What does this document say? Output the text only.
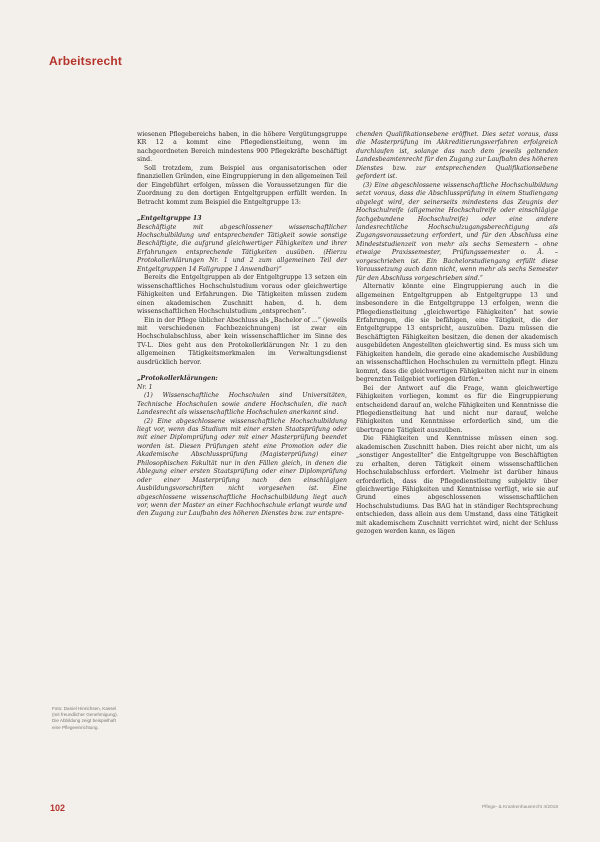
Arbeitsrecht

wiesenen Pflegebereichs haben, in die höhere Vergütungsgruppe KR 12 a kommt eine Pflegedienstleitung, wenn im nachgeordneten Bereich mindestens 900 Pflegekräfte beschäftigt sind.

Soll trotzdem, zum Beispiel aus organisatorischen oder finanziellen Gründen, eine Eingruppierung in den allgemeinen Teil der Eingebführt erfolgen, müssen die Voraussetzungen für die Zuordnung zu den dortigen Entgeltgruppen erfüllt werden. In Betracht kommt zum Beispiel die Entgeltgruppe 13:

„Entgeltgruppe 13

Beschäftigte mit abgeschlossener wissenschaftlicher Hochschulbildung und entsprechender Tätigkeit sowie sonstige Beschäftigte, die aufgrund gleichwertiger Fähigkeiten und ihrer Erfahrungen entsprechende Tätigkeiten ausüben. (Hierzu Protokollerklärungen Nr. 1 und 2 zum allgemeinen Teil der Entgeltgruppen 14 Fallgruppe 1 Anwendbar)“

Bereits die Entgeltgruppen ab der Entgeltgruppe 13 setzen ein wissenschaftliches Hochschulstudium voraus oder gleichwertige Fähigkeiten und Erfahrungen. Die Tätigkeiten müssen zudem einen akademischen Zuschnitt haben, d. h. dem wissenschaftlichen Hochschulstudium „entsprechen“.

Ein in der Pflege üblicher Abschluss als „Bachelor of ...“ (jeweils mit verschiedenen Fachbezeichnungen) ist zwar ein Hochschulabschluss, aber kein wissenschaftlicher im Sinne des TV-L. Dies geht aus den Protokollerklärungen Nr. 1 zu den allgemeinen Tätigkeitsmerkmalen im Verwaltungsdienst ausdrücklich hervor.

„Protokollerklärungen:

Nr. 1

(1) Wissenschaftliche Hochschulen sind Universitäten, Technische Hochschulen sowie andere Hochschulen, die nach Landesrecht als wissenschaftliche Hochschulen anerkannt sind.

(2) Eine abgeschlossene wissenschaftliche Hochschulbildung liegt vor, wenn das Studium mit einer ersten Staatsprüfung oder mit einer Diplomprüfung oder mit einer Masterprüfung beendet worden ist. Diesen Prüfungen steht eine Promotion oder die Akademische Abschlussprüfung (Magisterprüfung) einer Philosophischen Fakultät nur in den Fällen gleich, in denen die Ablegung einer ersten Staatsprüfung oder einer Diplomprüfung oder einer Masterprüfung nach den einschlägigen Ausbildungsvorschriften nicht vorgesehen ist. Eine abgeschlossene wissenschaftliche Hochschulbildung liegt auch vor, wenn der Master an einer Fachhochschule erlangt wurde und den Zugang zur Laufbahn des höheren Dienstes bzw. zur entspre-

chenden Qualifikationsebene eröffnet. Dies setzt voraus, dass die Masterprüfung im Akkreditierungsverfahren erfolgreich durchlaufen ist, solange das nach dem jeweils geltenden Landesbeamtenrecht für den Zugang zur Laufbahn des höheren Dienstes bzw. zur entsprechenden Qualifikationsebene gefordert ist.

(3) Eine abgeschlossene wissenschaftliche Hochschulbildung setzt voraus, dass die Abschlussprüfung in einem Studiengang abgelegt wird, der seinerseits mindestens das Zeugnis der Hochschulreife (allgemeine Hochschulreife oder einschlägige fachgebundene Hochschulreife) oder eine andere landesrechtliche Hochschulzugangsberechtigung als Zugangsvoraussetzung erfordert, und für den Abschluss eine Mindeststudienzeit von mehr als sechs Semestern – ohne etwaige Praxissemester, Prüfungssemester o. Ä. – vorgeschrieben ist. Ein Bachelorstudiengang erfüllt diese Voraussetzung auch dann nicht, wenn mehr als sechs Semester für den Abschluss vorgeschrieben sind.“

Alternativ könnte eine Eingruppierung auch in die allgemeinen Entgeltgruppen ab Entgeltgruppe 13 und insbesondere in die Entgeltgruppe 13 erfolgen, wenn die Pflegedienstleitung „gleichwertige Fähigkeiten“ hat sowie Erfahrungen, die sie befähigen, eine Tätigkeit, die der Entgeltgruppe 13 entspricht, auszuüben. Dazu müssen die Beschäftigten Fähigkeiten besitzen, die denen der akademisch ausgebildeten Angestellten gleichwertig sind. Es muss sich um Fähigkeiten handeln, die gerade eine akademische Ausbildung an wissenschaftlichen Hochschulen zu vermitteln pflegt. Hinzu kommt, dass die gleichwertigen Fähigkeiten nicht nur in einem begrenzten Teilgebiet vorliegen dürfen.⁴

Bei der Antwort auf die Frage, wann gleichwertige Fähigkeiten vorliegen, kommt es für die Eingruppierung entscheidend darauf an, welche Fähigkeiten und Kenntnisse die Pflegedienstleitung hat und nicht nur darauf, welche Fähigkeiten und Kenntnisse erforderlich sind, um die übertragene Tätigkeit auszuüben.

Die Fähigkeiten und Kenntnisse müssen einen sog. akademischen Zuschnitt haben. Dies reicht aber nicht, um als „sonstiger Angestellter“ die Entgeltgruppe von Beschäftigten zu erhalten, deren Tätigkeit einem wissenschaftlichen Hochschulabschluss erfordert. Vielmehr ist darüber hinaus erforderlich, dass die Pflegedienstleitung subjektiv über gleichwertige Fähigkeiten und Kenntnisse verfügt, wie sie auf Grund eines abgeschlossenen wissenschaftlichen Hochschulstudiums. Das BAG hat in ständiger Rechtsprechung entschieden, dass allein aus dem Umstand, dass eine Tätigkeit mit akademischem Zuschnitt verrichtet wird, nicht der Schluss gezogen werden kann, es lägen

Foto: Daniel Hinrichsen, Kassel (mit freundlicher Genehmigung). Die Abbildung zeigt beispielhaft eine Pflegeeinrichtung.
102	Pflege- & Krankenhausrecht 4/2018
